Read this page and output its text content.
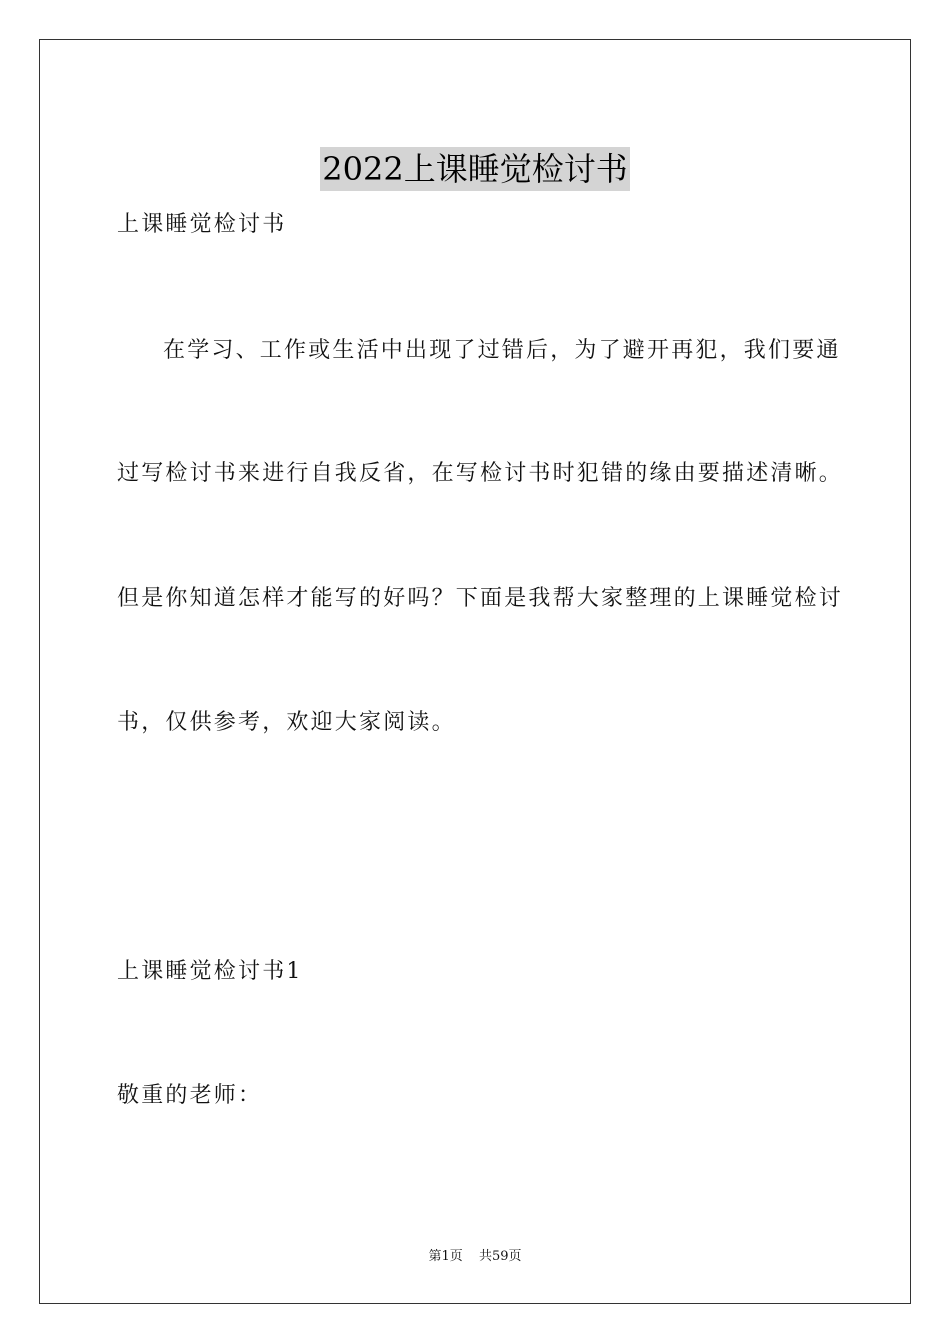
2022上课睡觉检讨书
上课睡觉检讨书
在学习、工作或生活中出现了过错后，为了避开再犯，我们要通
过写检讨书来进行自我反省，在写检讨书时犯错的缘由要描述清晰。
但是你知道怎样才能写的好吗？下面是我帮大家整理的上课睡觉检讨
书，仅供参考，欢迎大家阅读。
上课睡觉检讨书1
敬重的老师：
第1页 共59页
